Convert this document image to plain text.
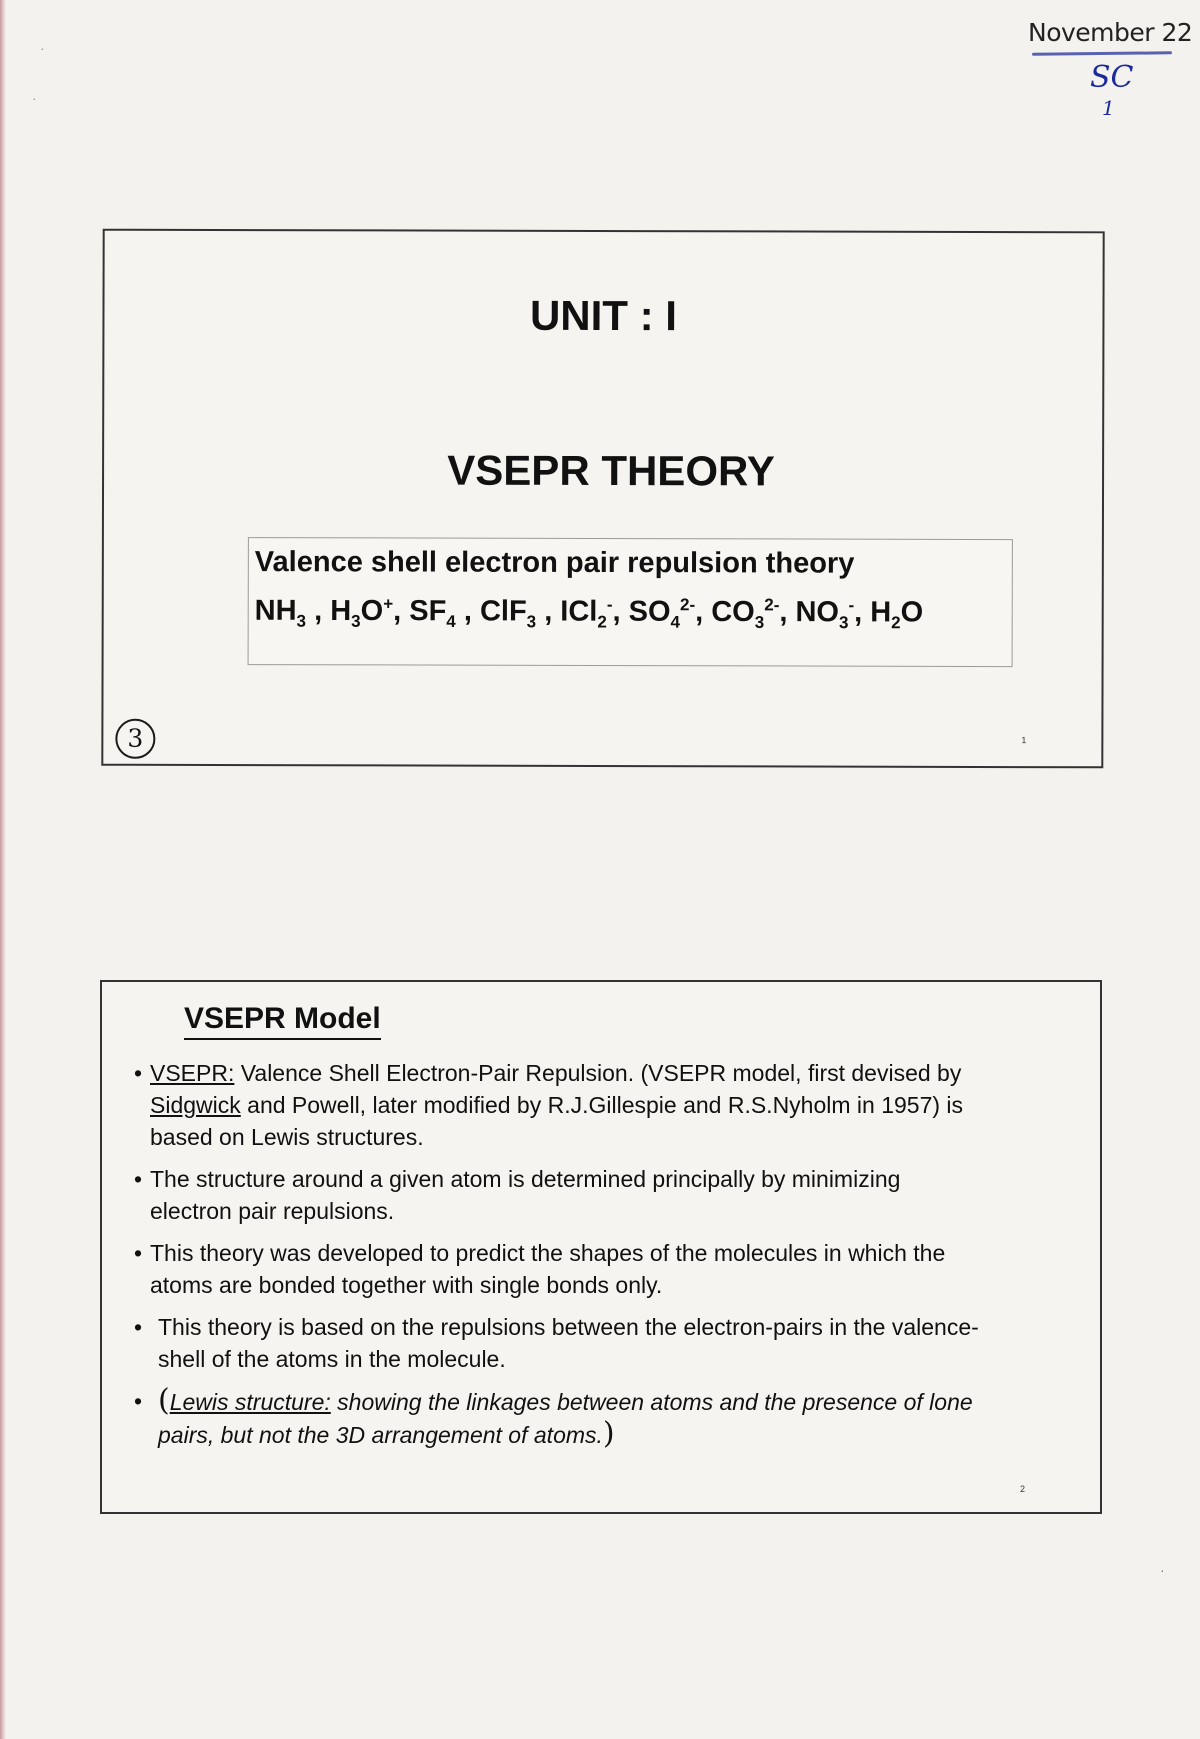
·
·
·
November 22
SC
1
UNIT : I
VSEPR THEORY
Valence shell electron pair repulsion theory
$NH_3$ , $H_3O^+$, $SF_4$ , ClF$_3$ , ICl$_2$-, $SO_4^{2-}$, $CO_3^{2-}$, $NO_3^-$, $H_2O$
3	1
VSEPR Model
• VSEPR: Valence Shell Electron-Pair Repulsion. (VSEPR model, first devised by
Sidgwick and Powell, later modified by R.J.Gillespie and R.S.Nyholm in 1957) is
based on Lewis structures.
• The structure around a given atom is determined principally by minimizing
electron pair repulsions.
• This theory was developed to predict the shapes of the molecules in which the
atoms are bonded together with single bonds only.
• This theory is based on the repulsions between the electron-pairs in the valence-
shell of the atoms in the molecule.
• (Lewis structure: showing the linkages between atoms and the presence of lone
pairs, but not the 3D arrangement of atoms.)
2
